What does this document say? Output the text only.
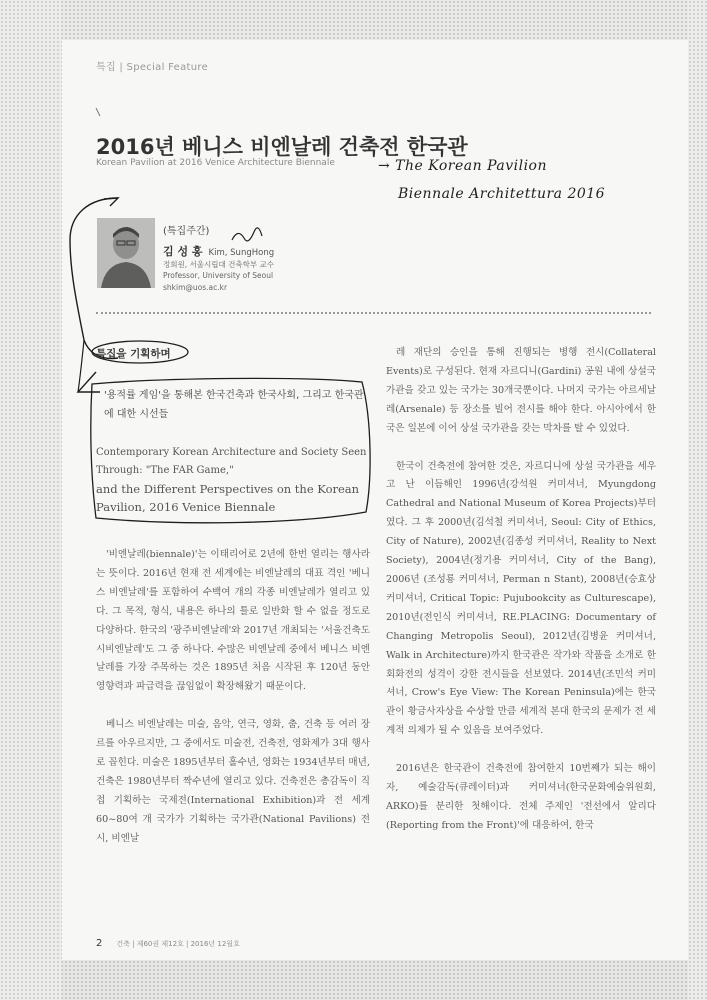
특집 | Special Feature
2016년 베니스 비엔날레 건축전 한국관
Korean Pavilion at 2016 Venice Architecture Biennale	→ The Korean Pavilion
Biennale Architettura 2016
(특집주간)
김 성 홍 Kim, SungHong
정회원, 서울시립대 건축학부 교수
Professor, University of Seoul
shkim@uos.ac.kr
특집을 기획하며
'용적률 게임'을 통해본 한국건축과 한국사회, 그리고 한국관에 대한 시선들
Contemporary Korean Architecture and Society Seen Through: "The FAR Game,"
and the Different Perspectives on the Korean Pavilion, 2016 Venice Biennale

'비엔날레(biennale)'는 이태리어로 2년에 한번 열리는 행사라는 뜻이다. 2016년 현재 전 세계에는 비엔날레의 대표 격인 '베니스 비엔날레'를 포함하여 수백여 개의 각종 비엔날레가 열리고 있다. 그 목적, 형식, 내용은 하나의 틀로 일반화 할 수 없을 정도로 다양하다. 한국의 '광주비엔날레'와 2017년 개최되는 '서울건축도시비엔날레'도 그 중 하나다. 수많은 비엔날레 중에서 베니스 비엔날레를 가장 주목하는 것은 1895년 처음 시작된 후 120년 동안 영향력과 파급력을 끊임없이 확장해왔기 때문이다.

베니스 비엔날레는 미술, 음악, 연극, 영화, 춤, 건축 등 여러 장르를 아우르지만, 그 중에서도 미술전, 건축전, 영화제가 3대 행사로 꼽힌다. 미술은 1895년부터 홀수년, 영화는 1934년부터 매년, 건축은 1980년부터 짝수년에 열리고 있다. 건축전은 총감독이 직접 기획하는 국제전(International Exhibition)과 전 세계 60~80여 개 국가가 기획하는 국가관(National Pavilions) 전시, 비엔날

레 재단의 승인을 통해 진행되는 병행 전시(Collateral Events)로 구성된다. 현재 자르디니(Gardini) 공원 내에 상설국가관을 갖고 있는 국가는 30개국뿐이다. 나머지 국가는 아르세날레(Arsenale) 등 장소를 빌어 전시를 해야 한다. 아시아에서 한국은 일본에 이어 상설 국가관을 갖는 막차를 탈 수 있었다.

한국이 건축전에 참여한 것은, 자르디니에 상설 국가관을 세우고 난 이듬해인 1996년(강석원 커미셔너, Myungdong Cathedral and National Museum of Korea Projects)부터였다. 그 후 2000년(김석철 커미셔너, Seoul: City of Ethics, City of Nature), 2002년(김종성 커미셔너, Reality to Next Society), 2004년(정기용 커미셔너, City of the Bang), 2006년 (조성룡 커미셔너, Perman n Stant), 2008년(승효상 커미셔너, Critical Topic: Pujubookcity as Culturescape), 2010년(전인식 커미셔너, RE.PLACING: Documentary of Changing Metropolis Seoul), 2012년(김병윤 커미셔너, Walk in Architecture)까지 한국관은 작가와 작품을 소개로 한 회화전의 성격이 강한 전시들을 선보였다. 2014년(조민석 커미셔너, Crow's Eye View: The Korean Peninsula)에는 한국관이 황금사자상을 수상할 만큼 세계적 본대 한국의 문제가 전 세계적 의제가 될 수 있음을 보여주었다.

2016년은 한국관이 건축전에 참여한지 10번째가 되는 해이자, 예술감독(큐레이터)과 커미셔너(한국문화예술위원회, ARKO)를 분리한 첫해이다. 전체 주제인 '전선에서 알리다(Reporting from the Front)'에 대응하여, 한국

2 건축 | 제60권 제12호 | 2016년 12월호
